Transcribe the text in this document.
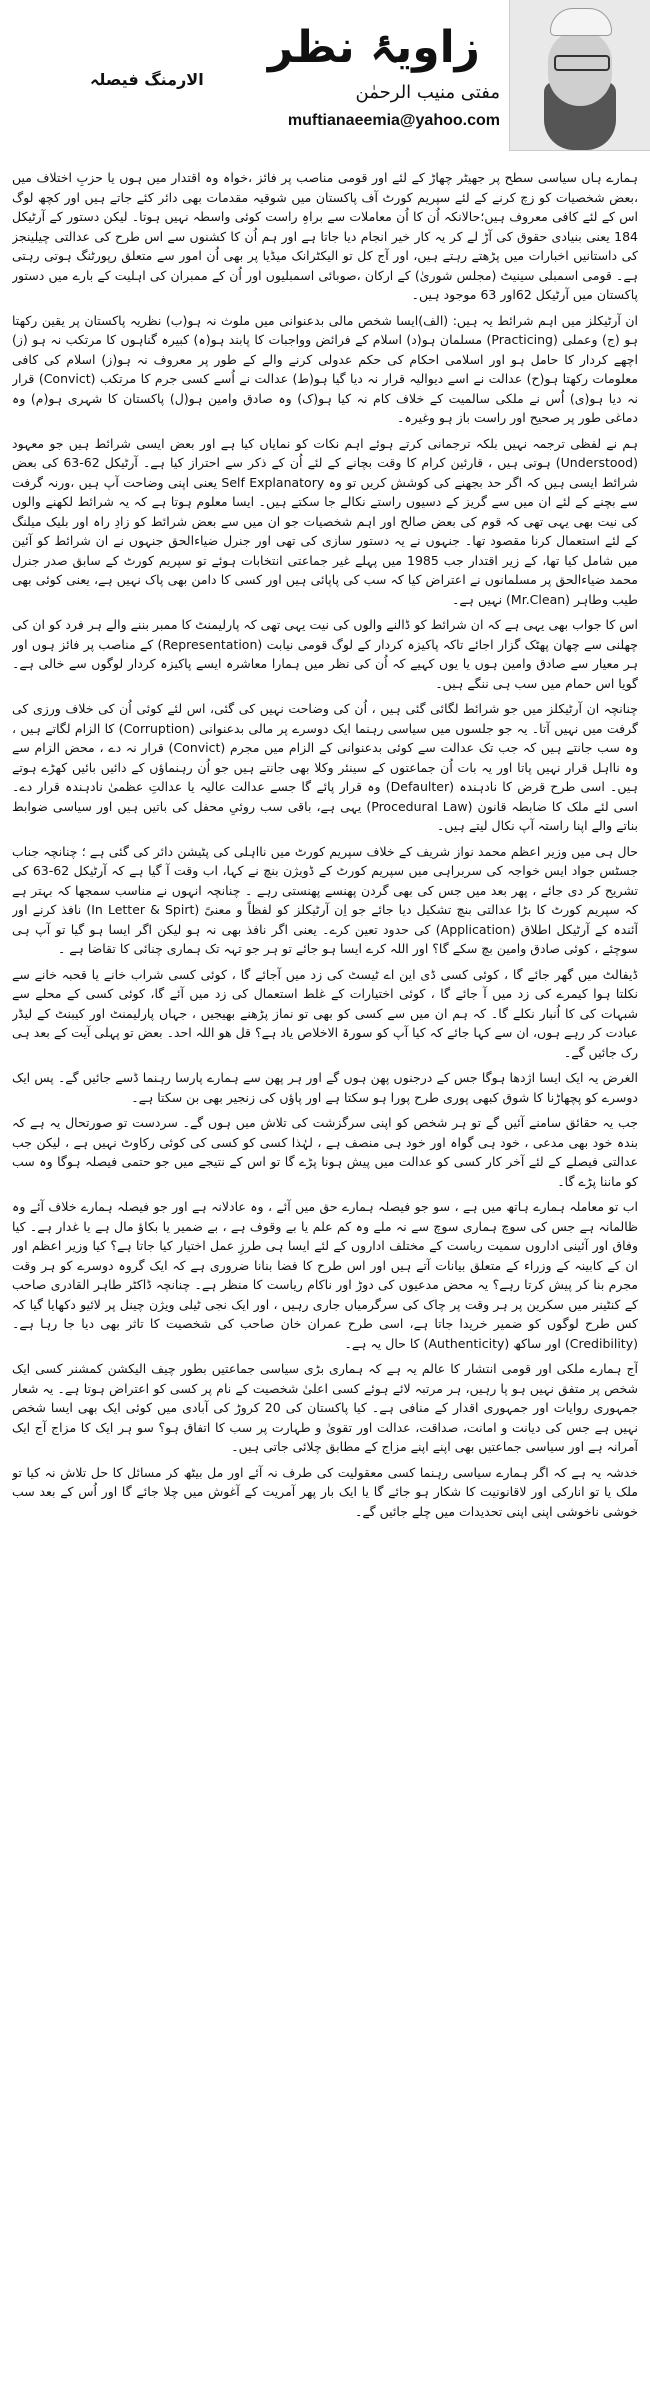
زاویۂ نظر
مفتی منیب الرحمٰن
muftianaeemia@yahoo.com
الارمنگ فیصلہ

ہمارے ہاں سیاسی سطح پر جھیٹر چھاڑ کے لئے اور قومی مناصب پر فائز ،خواہ وہ اقتدار میں ہوں یا حزبِ اختلاف میں ،بعض شخصیات کو زچ کرنے کے لئے سپریم کورٹ آف پاکستان میں شوقیہ مقدمات بھی دائر کئے جاتے ہیں اور کچھ لوگ اس کے لئے کافی معروف ہیں؛حالانکہ اُن کا اُن معاملات سے براہِ راست کوئی واسطہ نہیں ہوتا۔ لیکن دستور کے آرٹیکل 184 یعنی بنیادی حقوق کی آڑ لے کر یہ کار خیر انجام دیا جاتا ہے اور ہم اُن کا کشنوں سے اس طرح کی عدالتی چیلینجز کی داستانیں اخبارات میں پڑھتے رہتے ہیں، اور آج کل تو الیکٹرانک میڈیا پر بھی اُن امور سے متعلق رپورٹنگ ہوتی رہتی ہے۔ قومی اسمبلی سینیٹ (مجلس شوریٰ) کے ارکان ،صوبائی اسمبلیوں اور اُن کے ممبران کی اہلیت کے بارے میں دستور پاکستان میں آرٹیکل 62اور 63 موجود ہیں۔

ان آرٹیکلز میں اہم شرائط یہ ہیں: (الف)ایسا شخص مالی بدعنوانی میں ملوث نہ ہو(ب) نظریہ پاکستان پر یقین رکھتا ہو (ج) وعملی (Practicing) مسلمان ہو(د) اسلام کے فرائض وواجبات کا پابند ہو(ہ) کبیرہ گناہوں کا مرتکب نہ ہو (ز) اچھے کردار کا حامل ہو اور اسلامی احکام کی حکم عدولی کرنے والے کے طور پر معروف نہ ہو(ز) اسلام کی کافی معلومات رکھتا ہو(ح) عدالت نے اسے دیوالیہ قرار نہ دیا گیا ہو(ط) عدالت نے اُسے کسی جرم کا مرتکب (Convict) قرار نہ دیا ہو(ی) اُس نے ملکی سالمیت کے خلاف کام نہ کیا ہو(ک) وہ صادق وامین ہو(ل) پاکستان کا شہری ہو(م) وہ دماغی طور پر صحیح اور راست باز ہو وغیرہ۔

ہم نے لفظی ترجمہ نہیں بلکہ ترجمانی کرتے ہوئے اہم نکات کو نمایاں کیا ہے اور بعض ایسی شرائط ہیں جو معہود (Understood) ہوتی ہیں ، قارئین کرام کا وقت بچانے کے لئے اُن کے ذکر سے احتراز کیا ہے۔ آرٹیکل 62-63 کی بعض شرائط ایسی ہیں کہ اگر حد بجھنے کی کوشش کریں تو وہ Self Explanatory یعنی اپنی وضاحت آپ ہیں ،ورنہ گرفت سے بچنے کے لئے ان میں سے گریز کے دسیوں راستے نکالے جا سکتے ہیں۔ ایسا معلوم ہوتا ہے کہ یہ شرائط لکھنے والوں کی نیت بھی یہی تھی کہ قوم کی بعض صالح اور اہم شخصیات جو ان میں سے بعض شرائط کو زادِ راہ اور بلیک میلنگ کے لئے استعمال کرنا مقصود تھا۔ جنہوں نے یہ دستور سازی کی تھی اور جنرل ضیاءالحق جنہوں نے ان شرائط کو آئین میں شامل کیا تھا، کے زیر اقتدار جب 1985 میں پہلے غیر جماعتی انتخابات ہوئے تو سپریم کورٹ کے سابق صدر جنرل محمد ضیاءالحق پر مسلمانوں نے اعتراض کیا کہ سب کی پاپائی ہیں اور کسی کا دامن بھی پاک نہیں ہے، یعنی کوئی بھی طیب وطاہر (Mr.Clean) نہیں ہے۔

اس کا جواب بھی یہی ہے کہ ان شرائط کو ڈالنے والوں کی نیت یہی تھی کہ پارلیمنٹ کا ممبر بننے والے ہر فرد کو ان کی چھلنی سے چھان پھٹک گزار اجائے تاکہ پاکیزہ کردار کے لوگ قومی نیابت (Representation) کے مناصب پر فائز ہوں اور ہر معیار سے صادق وامین ہوں یا یوں کہیے کہ اُن کی نظر میں ہمارا معاشرہ ایسے پاکیزہ کردار لوگوں سے خالی ہے۔ گویا اس حمام میں سب ہی ننگے ہیں۔

چنانچہ ان آرٹیکلز میں جو شرائط لگائی گئی ہیں ، اُن کی وضاحت نہیں کی گئی، اس لئے کوئی اُن کی خلاف ورزی کی گرفت میں نہیں آتا۔ یہ جو جلسوں میں سیاسی رہنما ایک دوسرے پر مالی بدعنوانی (Corruption) کا الزام لگاتے ہیں ، وہ سب جانتے ہیں کہ جب تک عدالت سے کوئی بدعنوانی کے الزام میں مجرم (Convict) قرار نہ دے ، محض الزام سے وہ نااہل قرار نہیں پاتا اور یہ بات اُن جماعتوں کے سینئر وکلا بھی جانتے ہیں جو اُن رہنماؤں کے دائیں بائیں کھڑے ہوتے ہیں۔ اسی طرح قرض کا نادہندہ (Defaulter) وہ قرار پائے گا جسے عدالت عالیہ یا عدالتِ عظمیٰ نادہندہ قرار دے۔ اسی لئے ملک کا ضابطہ قانون (Procedural Law) یہی ہے، باقی سب روئیِ محفل کی باتیں ہیں اور سیاسی ضوابط بناتے والے اپنا راستہ آپ نکال لیتے ہیں۔

حال ہی میں وزیر اعظم محمد نواز شریف کے خلاف سپریم کورٹ میں نااہلی کی پٹیشن دائر کی گئی ہے ؛ چنانچہ جناب جسٹس جواد ایس خواجہ کی سربراہی میں سپریم کورٹ کے ڈویژن بنچ نے کہا، اب وقت آ گیا ہے کہ آرٹیکل 62-63 کی تشریح کر دی جائے ، پھر بعد میں جس کی بھی گردن پھنسے پھنستی رہے ۔ چنانچہ انہوں نے مناسب سمجھا کہ بہتر ہے کہ سپریم کورٹ کا بڑا عدالتی بنچ تشکیل دیا جائے جو اِن آرٹیکلز کو لفظاً و معنیً (In Letter & Spirt) نافذ کرنے اور آئندہ کے آرٹیکل اطلاق (Application) کی حدود تعین کرے۔ یعنی اگر نافذ بھی نہ ہو لیکن اگر ایسا ہو گیا تو آپ ہی سوچئے ، کوئی صادق وامین بچ سکے گا؟ اور اللہ کرے ایسا ہو جائے تو ہر جو تہہ تک ہماری چنائی کا تقاضا ہے ۔

ڈیفالٹ میں گھر جائے گا ، کوئی کسی ڈی این اے ٹیسٹ کی زد میں آجائے گا ، کوئی کسی شراب خانے یا قحبہ خانے سے نکلتا ہوا کیمرے کی زد میں آ جائے گا ، کوئی اختیارات کے غلط استعمال کی زد میں آئے گا، کوئی کسی کے محلے سے شبہات کی کا اُنبار نکلے گا۔ کہ ہم ان میں سے کسی کو بھی تو نماز پڑھنے بھیجیں ، جہاں پارلیمنٹ اور کیبنٹ کے لیڈر عبادت کر رہے ہوں، ان سے کہا جائے کہ کیا آپ کو سورۃ الاخلاص یاد ہے؟ قل ھو اللہ احد۔ بعض تو پہلی آیت کے بعد ہی رک جائیں گے۔

الغرض یہ ایک ایسا اژدھا ہوگا جس کے درجنوں پھن ہوں گے اور ہر پھن سے ہمارے پارسا رہنما ڈسے جائیں گے۔ پس ایک دوسرے کو پچھاڑنا کا شوق کبھی پوری طرح پورا ہو سکتا ہے اور پاؤں کی زنجیر بھی بن سکتا ہے۔

جب یہ حقائق سامنے آئیں گے تو ہر شخص کو اپنی سرگزشت کی تلاش میں ہوں گے۔ سردست تو صورتحال یہ ہے کہ بندہ خود بھی مدعی ، خود ہی گواہ اور خود ہی منصف ہے ، لہٰذا کسی کو کسی کی کوئی رکاوٹ نہیں ہے ، لیکن جب عدالتی فیصلے کے لئے آخر کار کسی کو عدالت میں پیش ہونا پڑے گا تو اس کے نتیجے میں جو حتمی فیصلہ ہوگا وہ سب کو ماننا پڑے گا۔

اب تو معاملہ ہمارے ہاتھ میں ہے ، سو جو فیصلہ ہمارے حق میں آئے ، وہ عادلانہ ہے اور جو فیصلہ ہمارے خلاف آئے وہ ظالمانہ ہے جس کی سوچ ہماری سوچ سے نہ ملے وہ کم علم یا بے وقوف ہے ، بے ضمیر یا بکاؤ مال ہے یا غدار ہے۔ کیا وفاق اور آئینی اداروں سمیت ریاست کے مختلف اداروں کے لئے ایسا ہی طرزِ عمل اختیار کیا جاتا ہے؟ کیا وزیر اعظم اور ان کے کابینہ کے وزراء کے متعلق بیانات آتے ہیں اور اس طرح کا فضا بنانا ضروری ہے کہ ایک گروہ دوسرے کو ہر وقت مجرم بنا کر پیش کرتا رہے؟ یہ محض مدعیوں کی دوڑ اور ناکام ریاست کا منظر ہے۔ چنانچہ ڈاکٹر طاہر القادری صاحب کے کنٹینر میں سکرین پر ہر وقت پر چاک کی سرگرمیاں جاری رہیں ، اور ایک نجی ٹیلی ویژن چینل پر لائیو دکھایا گیا کہ کس طرح لوگوں کو ضمیر خریدا جاتا ہے، اسی طرح عمران خان صاحب کی شخصیت کا تاثر بھی دیا جا رہا ہے۔ (Credibility) اور ساکھ (Authenticity) کا حال یہ ہے۔

آج ہمارے ملکی اور قومی انتشار کا عالم یہ ہے کہ ہماری بڑی سیاسی جماعتیں بطور چیف الیکشن کمشنر کسی ایک شخص پر متفق نہیں ہو پا رہیں، ہر مرتبہ لائے ہوئے کسی اعلیٰ شخصیت کے نام پر کسی کو اعتراض ہوتا ہے۔ یہ شعار جمہوری روایات اور جمہوری اقدار کے منافی ہے۔ کیا پاکستان کی 20 کروڑ کی آبادی میں کوئی ایک بھی ایسا شخص نہیں ہے جس کی دیانت و امانت، صداقت، عدالت اور تقویٰ و طہارت پر سب کا اتفاق ہو؟ سو ہر ایک کا مزاج آج ایک آمرانہ ہے اور سیاسی جماعتیں بھی اپنے اپنے مزاج کے مطابق چلائی جاتی ہیں۔

خدشہ یہ ہے کہ اگر ہمارے سیاسی رہنما کسی معقولیت کی طرف نہ آئے اور مل بیٹھ کر مسائل کا حل تلاش نہ کیا تو ملک یا تو انارکی اور لاقانونیت کا شکار ہو جائے گا یا ایک بار پھر آمریت کے آغوش میں چلا جائے گا اور اُس کے بعد سب خوشی ناخوشی اپنی اپنی تحدیدات میں چلے جائیں گے۔
